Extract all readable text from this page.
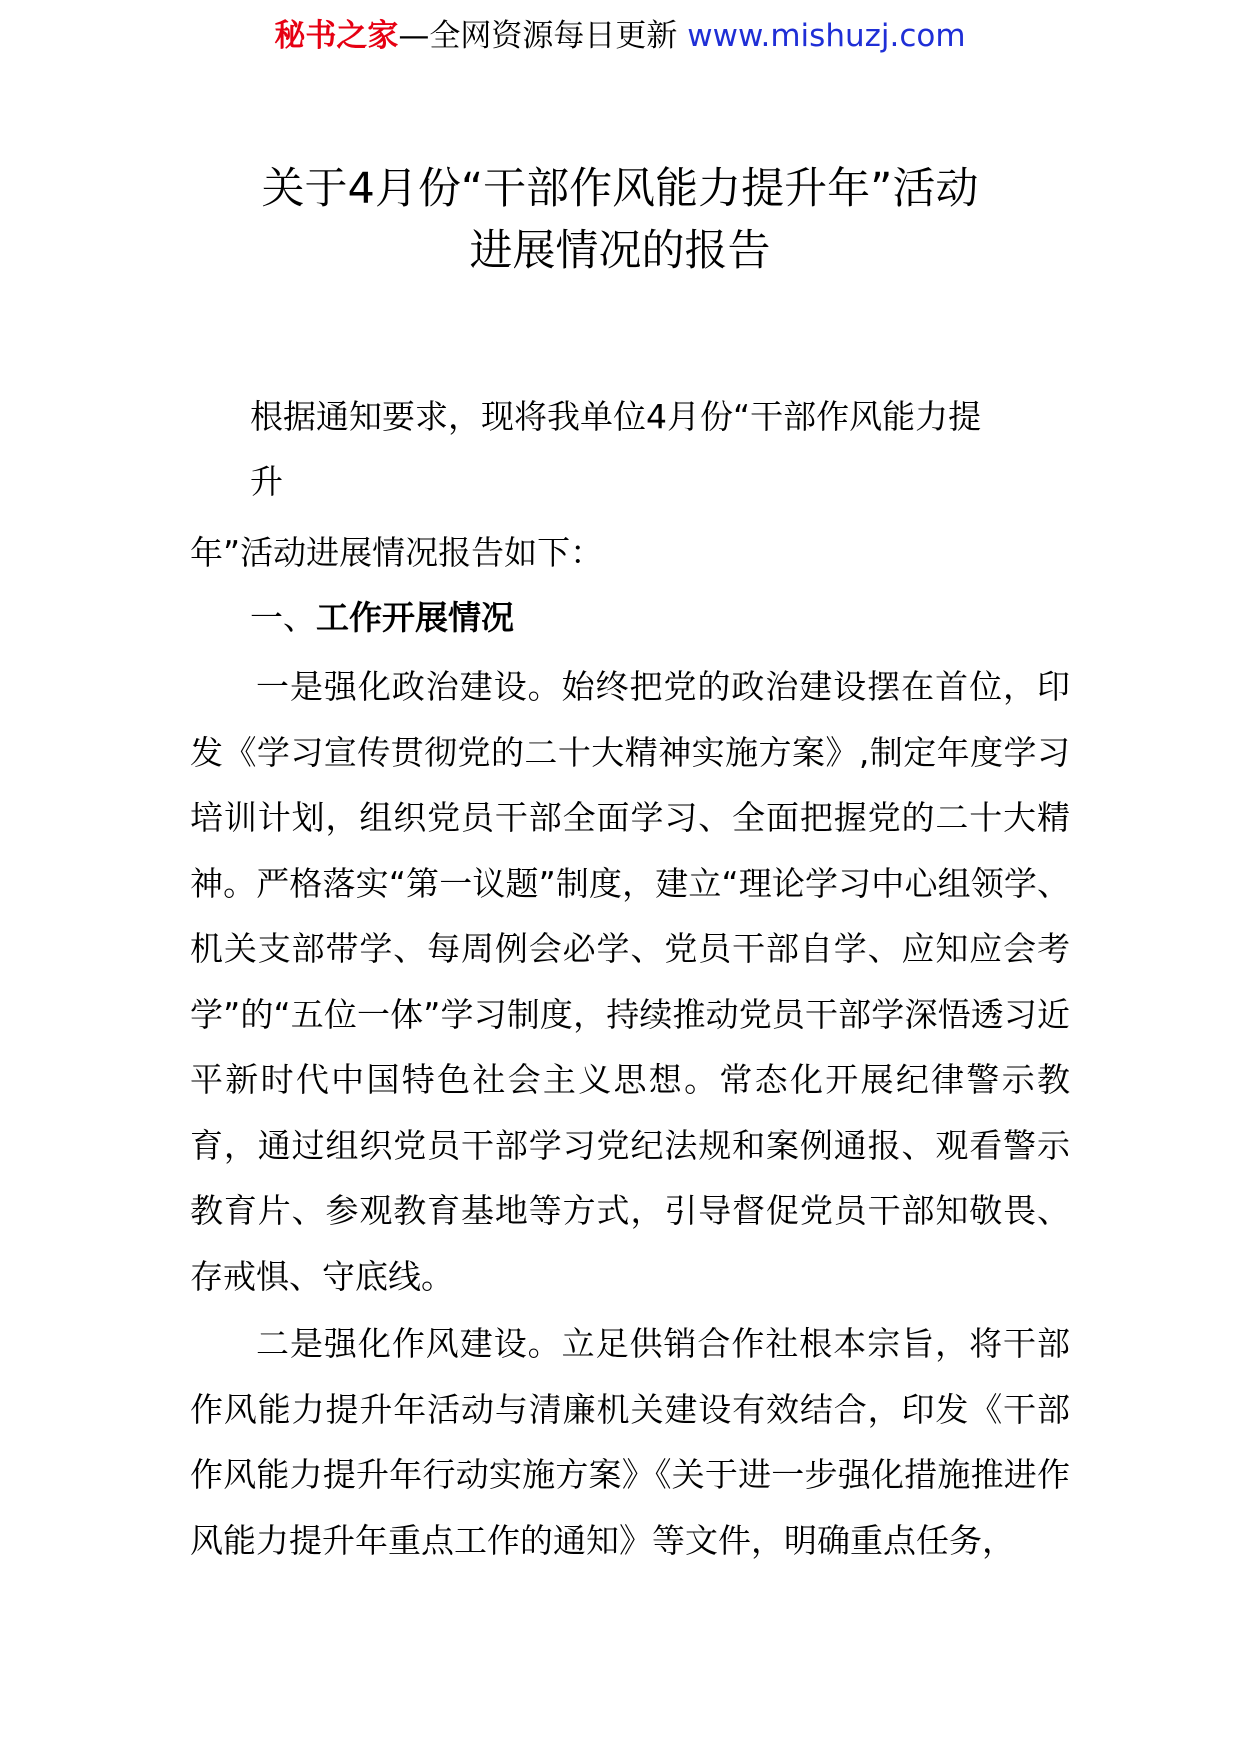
秘书之家—全网资源每日更新 www.mishuzj.com
关于4月份“干部作风能力提升年”活动
进展情况的报告

根据通知要求，现将我单位4月份“干部作风能力提

升

年”活动进展情况报告如下：

一、工作开展情况

一是强化政治建设。始终把党的政治建设摆在首位，印发《学习宣传贯彻党的二十大精神实施方案》,制定年度学习培训计划，组织党员干部全面学习、全面把握党的二十大精神。严格落实“第一议题”制度，建立“理论学习中心组领学、机关支部带学、每周例会必学、党员干部自学、应知应会考学”的“五位一体”学习制度，持续推动党员干部学深悟透习近平新时代中国特色社会主义思想。常态化开展纪律警示教育，通过组织党员干部学习党纪法规和案例通报、观看警示教育片、参观教育基地等方式，引导督促党员干部知敬畏、存戒惧、守底线。

二是强化作风建设。立足供销合作社根本宗旨，将干部作风能力提升年活动与清廉机关建设有效结合，印发《干部作风能力提升年行动实施方案》《关于进一步强化措施推进作风能力提升年重点工作的通知》等文件，明确重点任务，
